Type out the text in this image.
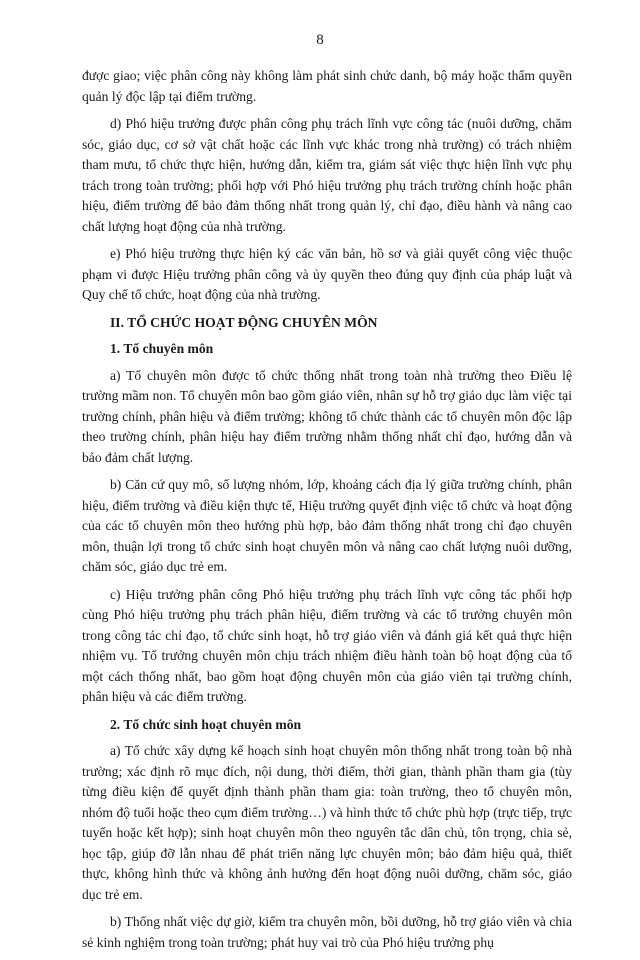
8

được giao; việc phân công này không làm phát sinh chức danh, bộ máy hoặc thẩm quyền quản lý độc lập tại điểm trường.

d) Phó hiệu trưởng được phân công phụ trách lĩnh vực công tác (nuôi dưỡng, chăm sóc, giáo dục, cơ sở vật chất hoặc các lĩnh vực khác trong nhà trường) có trách nhiệm tham mưu, tổ chức thực hiện, hướng dẫn, kiểm tra, giám sát việc thực hiện lĩnh vực phụ trách trong toàn trường; phối hợp với Phó hiệu trưởng phụ trách trường chính hoặc phân hiệu, điểm trường để bảo đảm thống nhất trong quản lý, chỉ đạo, điều hành và nâng cao chất lượng hoạt động của nhà trường.

e) Phó hiệu trưởng thực hiện ký các văn bản, hồ sơ và giải quyết công việc thuộc phạm vi được Hiệu trưởng phân công và ủy quyền theo đúng quy định của pháp luật và Quy chế tổ chức, hoạt động của nhà trường.

II. TỔ CHỨC HOẠT ĐỘNG CHUYÊN MÔN
1. Tổ chuyên môn

a) Tổ chuyên môn được tổ chức thống nhất trong toàn nhà trường theo Điều lệ trường mầm non. Tổ chuyên môn bao gồm giáo viên, nhân sự hỗ trợ giáo dục làm việc tại trường chính, phân hiệu và điểm trường; không tổ chức thành các tổ chuyên môn độc lập theo trường chính, phân hiệu hay điểm trường nhằm thống nhất chỉ đạo, hướng dẫn và bảo đảm chất lượng.

b) Căn cứ quy mô, số lượng nhóm, lớp, khoảng cách địa lý giữa trường chính, phân hiệu, điểm trường và điều kiện thực tế, Hiệu trưởng quyết định việc tổ chức và hoạt động của các tổ chuyên môn theo hướng phù hợp, bảo đảm thống nhất trong chỉ đạo chuyên môn, thuận lợi trong tổ chức sinh hoạt chuyên môn và nâng cao chất lượng nuôi dưỡng, chăm sóc, giáo dục trẻ em.

c) Hiệu trưởng phân công Phó hiệu trưởng phụ trách lĩnh vực công tác phối hợp cùng Phó hiệu trưởng phụ trách phân hiệu, điểm trường và các tổ trưởng chuyên môn trong công tác chỉ đạo, tổ chức sinh hoạt, hỗ trợ giáo viên và đánh giá kết quả thực hiện nhiệm vụ. Tổ trưởng chuyên môn chịu trách nhiệm điều hành toàn bộ hoạt động của tổ một cách thống nhất, bao gồm hoạt động chuyên môn của giáo viên tại trường chính, phân hiệu và các điểm trường.

2. Tổ chức sinh hoạt chuyên môn

a) Tổ chức xây dựng kế hoạch sinh hoạt chuyên môn thống nhất trong toàn bộ nhà trường; xác định rõ mục đích, nội dung, thời điểm, thời gian, thành phần tham gia (tùy từng điều kiện để quyết định thành phần tham gia: toàn trường, theo tổ chuyên môn, nhóm độ tuổi hoặc theo cụm điểm trường…) và hình thức tổ chức phù hợp (trực tiếp, trực tuyến hoặc kết hợp); sinh hoạt chuyên môn theo nguyên tắc dân chủ, tôn trọng, chia sẻ, học tập, giúp đỡ lẫn nhau để phát triển năng lực chuyên môn; bảo đảm hiệu quả, thiết thực, không hình thức và không ảnh hưởng đến hoạt động nuôi dưỡng, chăm sóc, giáo dục trẻ em.

b) Thống nhất việc dự giờ, kiểm tra chuyên môn, bồi dưỡng, hỗ trợ giáo viên và chia sẻ kinh nghiệm trong toàn trường; phát huy vai trò của Phó hiệu trưởng phụ
